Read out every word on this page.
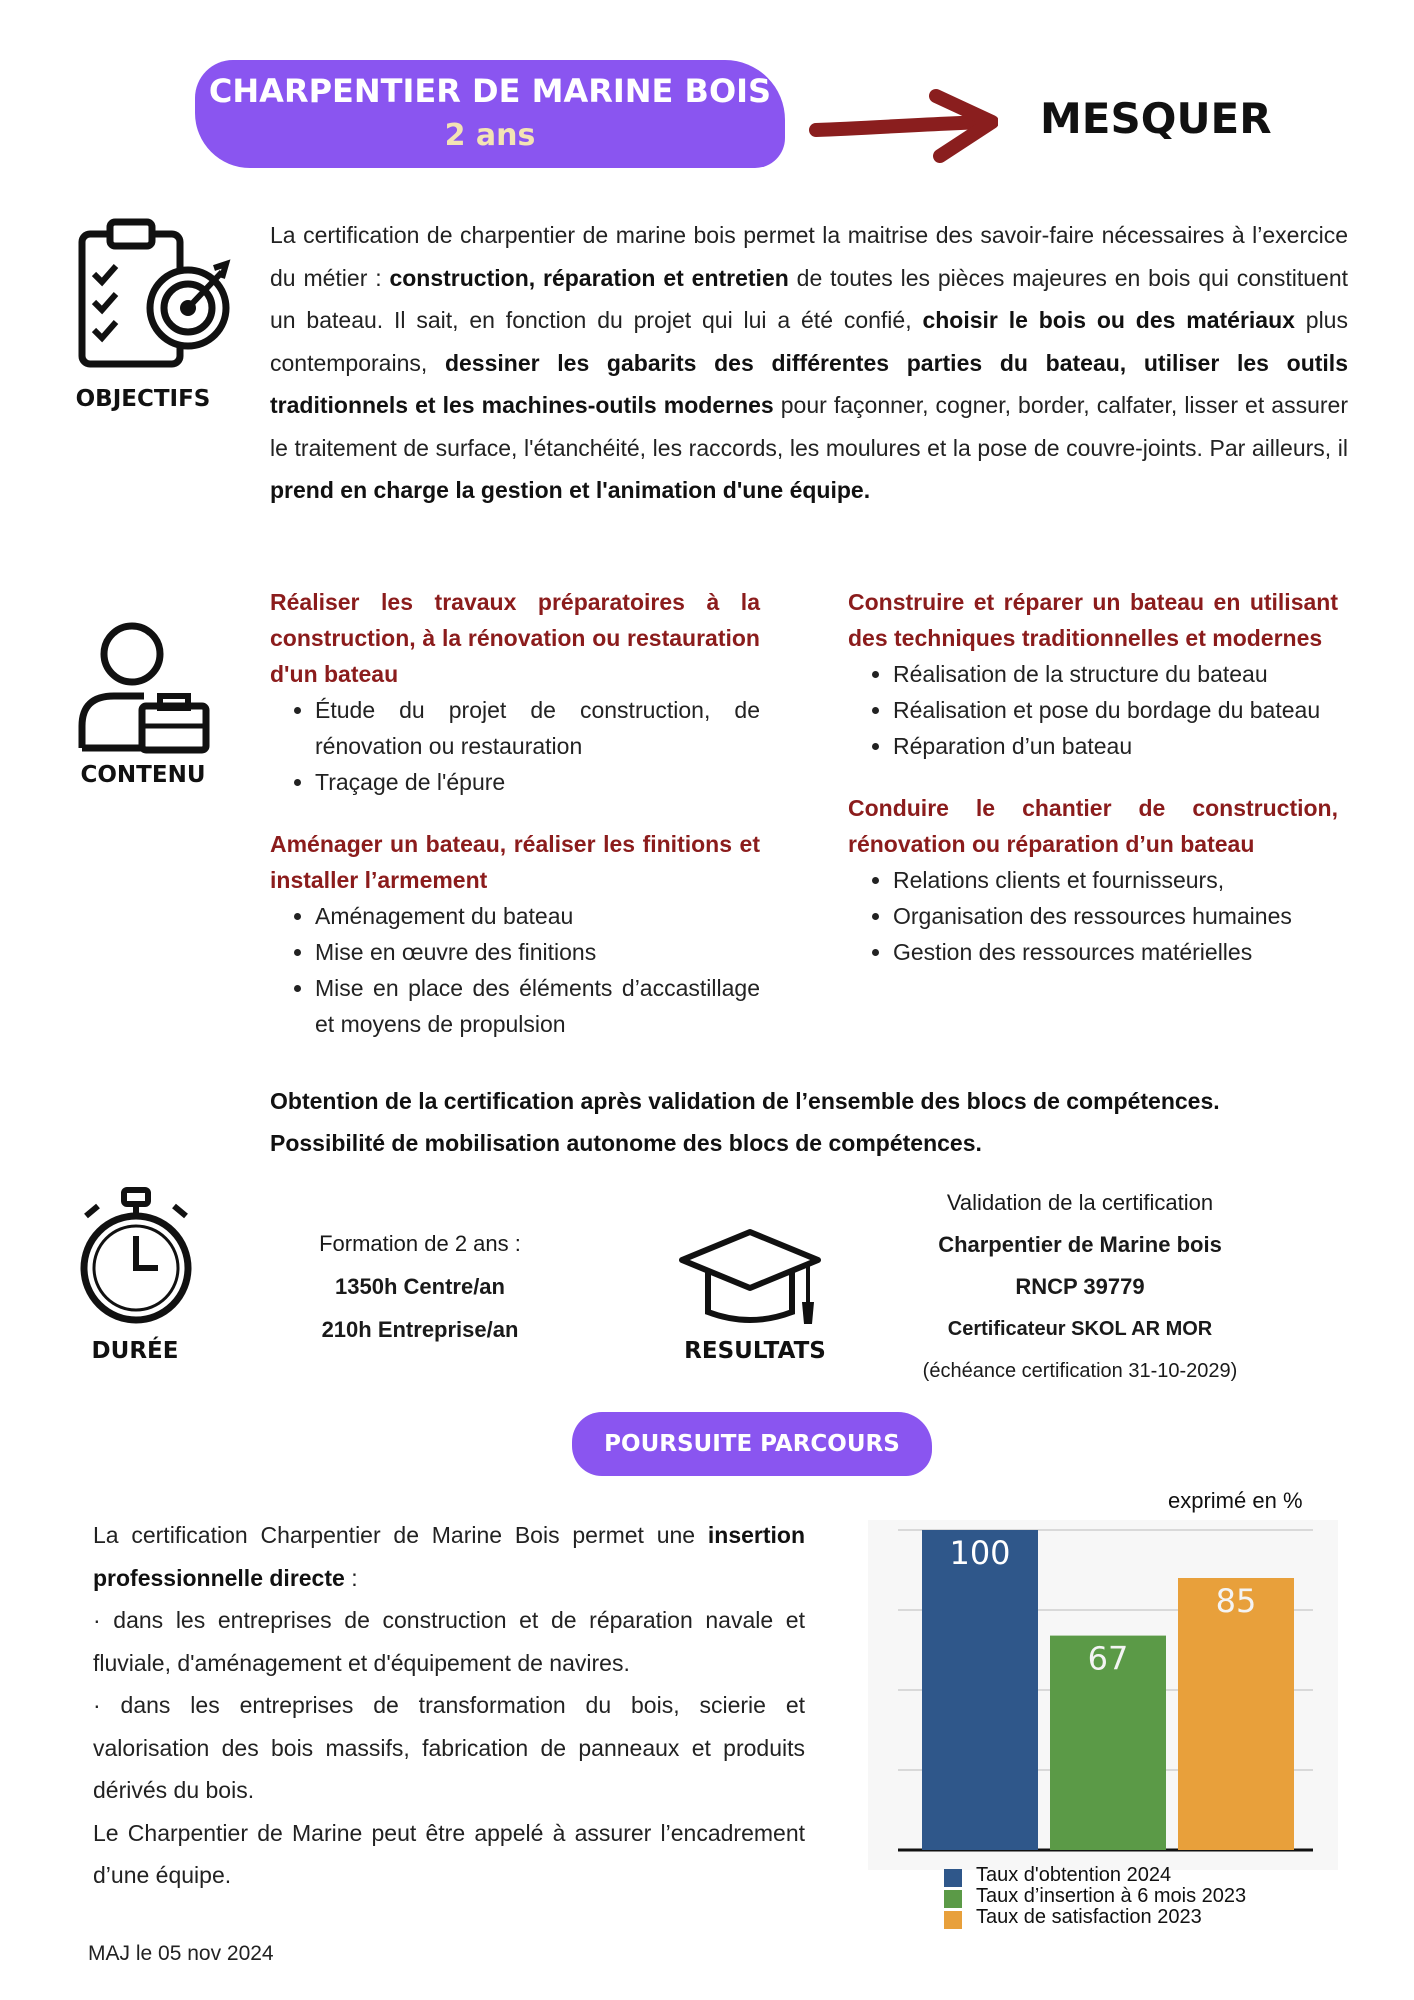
CHARPENTIER DE MARINE BOIS
2 ans	MESQUER
OBJECTIFS
La certification de charpentier de marine bois permet la maitrise des savoir-faire nécessaires à l’exercice du métier : construction, réparation et entretien de toutes les pièces majeures en bois qui constituent un bateau. Il sait, en fonction du projet qui lui a été confié, choisir le bois ou des matériaux plus contemporains, dessiner les gabarits des différentes parties du bateau, utiliser les outils traditionnels et les machines-outils modernes pour façonner, cogner, border, calfater, lisser et assurer le traitement de surface, l'étanchéité, les raccords, les moulures et la pose de couvre-joints. Par ailleurs, il prend en charge la gestion et l'animation d'une équipe.
CONTENU
Réaliser les travaux préparatoires à la construction, à la rénovation ou restauration d'un bateau
• Étude du projet de construction, de rénovation ou restauration
• Traçage de l'épure
Aménager un bateau, réaliser les finitions et installer l’armement
• Aménagement du bateau
• Mise en œuvre des finitions
• Mise en place des éléments d’accastillage et moyens de propulsion
Construire et réparer un bateau en utilisant des techniques traditionnelles et modernes
• Réalisation de la structure du bateau
• Réalisation et pose du bordage du bateau
• Réparation d’un bateau
Conduire le chantier de construction, rénovation ou réparation d’un bateau
• Relations clients et fournisseurs,
• Organisation des ressources humaines
• Gestion des ressources matérielles
Obtention de la certification après validation de l’ensemble des blocs de compétences.
Possibilité de mobilisation autonome des blocs de compétences.
DURÉE
Formation de 2 ans :
1350h Centre/an
210h Entreprise/an
RESULTATS
Validation de la certification
Charpentier de Marine bois
RNCP 39779
Certificateur SKOL AR MOR
(échéance certification 31-10-2029)
POURSUITE PARCOURS
La certification Charpentier de Marine Bois permet une insertion professionnelle directe :
· dans les entreprises de construction et de réparation navale et fluviale, d'aménagement et d'équipement de navires.
· dans les entreprises de transformation du bois, scierie et valorisation des bois massifs, fabrication de panneaux et produits dérivés du bois.
Le Charpentier de Marine peut être appelé à assurer l’encadrement d’une équipe.
exprimé en %
100
67
85
Taux d'obtention 2024
Taux d’insertion à 6 mois 2023
Taux de satisfaction 2023
MAJ le 05 nov 2024
